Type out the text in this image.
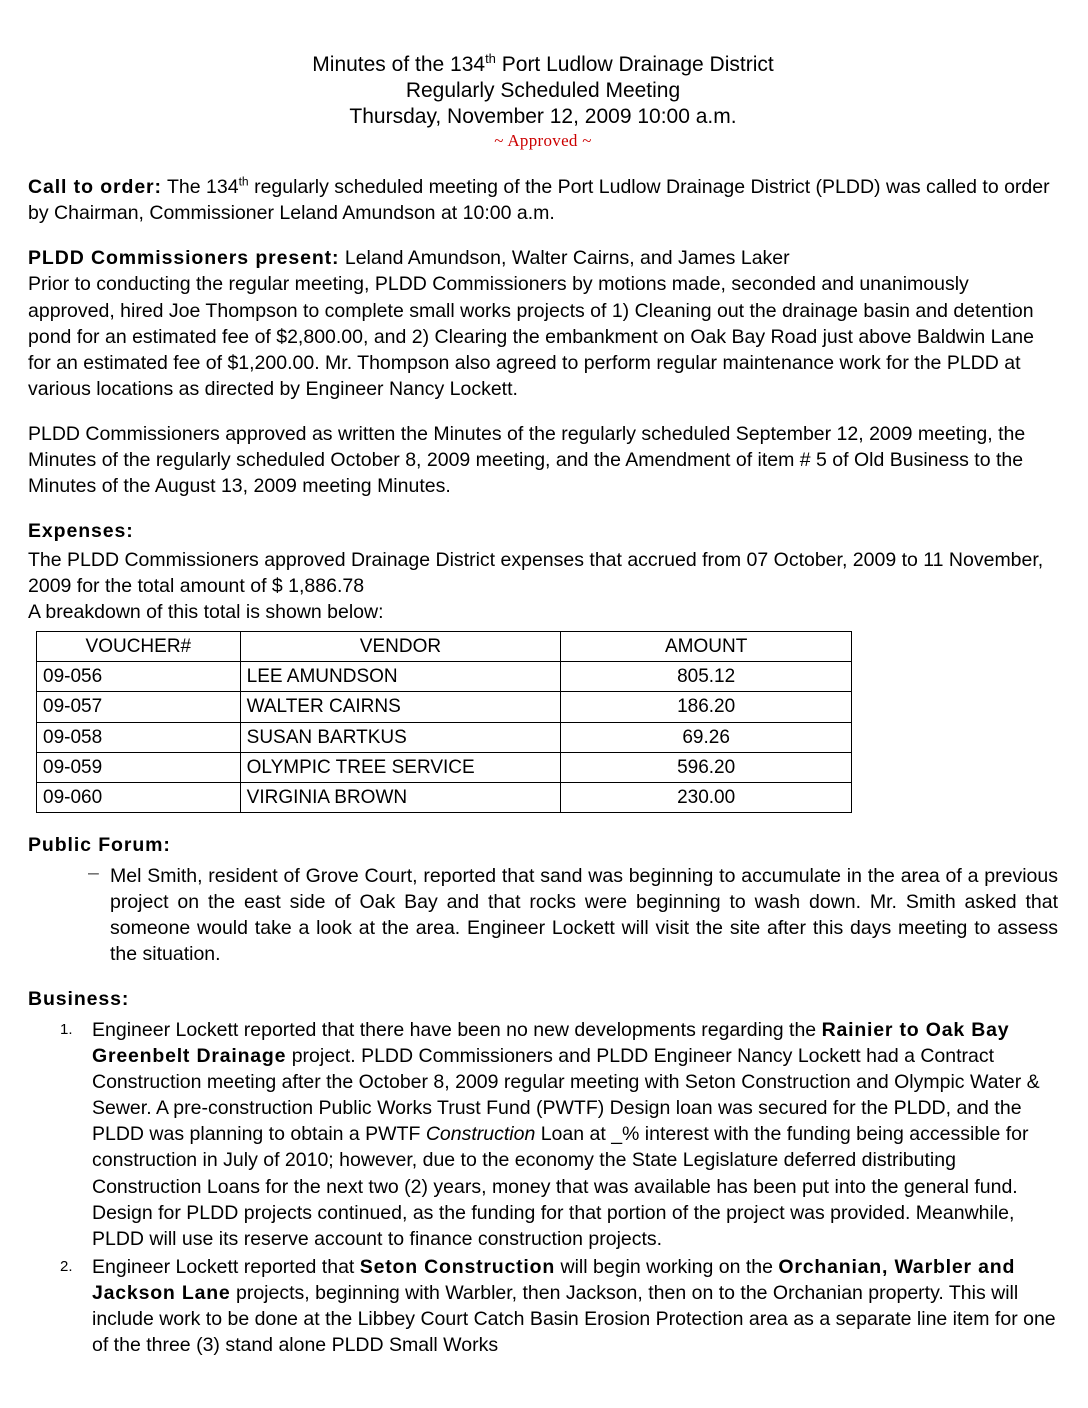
Minutes of the 134th Port Ludlow Drainage District
Regularly Scheduled Meeting
Thursday, November 12, 2009 10:00 a.m.
~ Approved ~

Call to order: The 134th regularly scheduled meeting of the Port Ludlow Drainage District (PLDD) was called to order by Chairman, Commissioner Leland Amundson at 10:00 a.m.

PLDD Commissioners present: Leland Amundson, Walter Cairns, and James Laker

Prior to conducting the regular meeting, PLDD Commissioners by motions made, seconded and unanimously approved, hired Joe Thompson to complete small works projects of 1) Cleaning out the drainage basin and detention pond for an estimated fee of $2,800.00, and 2) Clearing the embankment on Oak Bay Road just above Baldwin Lane for an estimated fee of $1,200.00. Mr. Thompson also agreed to perform regular maintenance work for the PLDD at various locations as directed by Engineer Nancy Lockett.

PLDD Commissioners approved as written the Minutes of the regularly scheduled September 12, 2009 meeting, the Minutes of the regularly scheduled October 8, 2009 meeting, and the Amendment of item # 5 of Old Business to the Minutes of the August 13, 2009 meeting Minutes.

Expenses:

The PLDD Commissioners approved Drainage District expenses that accrued from 07 October, 2009 to 11 November, 2009 for the total amount of $ 1,886.78

A breakdown of this total is shown below:

VOUCHER#	VENDOR	AMOUNT
09-056	LEE AMUNDSON	805.12
09-057	WALTER CAIRNS	186.20
09-058	SUSAN BARTKUS	69.26
09-059	OLYMPIC TREE SERVICE	596.20
09-060	VIRGINIA BROWN	230.00
Public Forum:
– Mel Smith, resident of Grove Court, reported that sand was beginning to accumulate in the area of a previous project on the east side of Oak Bay and that rocks were beginning to wash down. Mr. Smith asked that someone would take a look at the area. Engineer Lockett will visit the site after this days meeting to assess the situation.
Business:
Engineer Lockett reported that there have been no new developments regarding the Rainier to Oak Bay Greenbelt Drainage project. PLDD Commissioners and PLDD Engineer Nancy Lockett had a Contract Construction meeting after the October 8, 2009 regular meeting with Seton Construction and Olympic Water & Sewer. A pre-construction Public Works Trust Fund (PWTF) Design loan was secured for the PLDD, and the PLDD was planning to obtain a PWTF Construction Loan at _% interest with the funding being accessible for construction in July of 2010; however, due to the economy the State Legislature deferred distributing Construction Loans for the next two (2) years, money that was available has been put into the general fund. Design for PLDD projects continued, as the funding for that portion of the project was provided. Meanwhile, PLDD will use its reserve account to finance construction projects.
Engineer Lockett reported that Seton Construction will begin working on the Orchanian, Warbler and Jackson Lane projects, beginning with Warbler, then Jackson, then on to the Orchanian property. This will include work to be done at the Libbey Court Catch Basin Erosion Protection area as a separate line item for one of the three (3) stand alone PLDD Small Works
